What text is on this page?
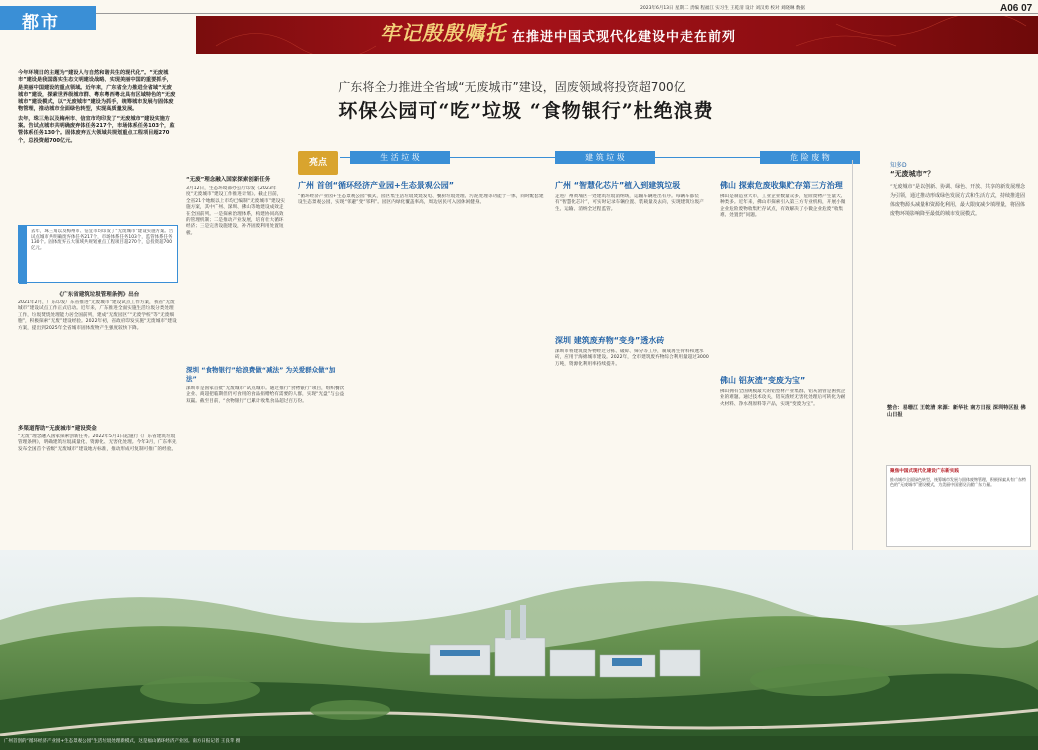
都市
2023年6月13日 星期二 责编 程福江 实习生 王乾清 设计 刘汉勇 校对 刘晓琳 数据	A06 07
牢记殷殷嘱托 在推进中国式现代化建设中走在前列
今年环境日的主题为“建设人与自然和谐共生的现代化”。“无废城市”建设是我国落实生态文明建设战略、实现美丽中国的重要抓手，是美丽中国建设的重点领域。近年来，广东省全力推进全省域“无废城市”建设，探索世界级城市群、粤东粤西粤北具有区域特色的“无废城市”建设模式，以“无废城市”建设为抓手，统筹城市发展与固体废物管理，推动城市全面绿色转型，实现高质量发展。
去年，珠三角以及梅州市、信宜市均印发了“无废城市”建设实施方案。告试点城市共明确废弃体任务217个，市场体系任务103个，监管体系任务130个。固体废弃五大领域共规划重点工程项目超270个，总投资超700亿元。
广东将全力推进全省域“无废城市”建设，固废领域将投资超700亿
环保公园可“吃”垃圾 “食物银行”杜绝浪费
去年，珠三角以及梅州市、信宜市均印发了“无废城市”建设实施方案。告试点城市共明确废弃体任务217个，市场体系任务103个，监管体系任务130个。固体废弃五大领域共规划重点工程项目超270个，总投资超700亿元。
亮点
生 活 垃 圾	建 筑 垃 圾	危 险 废 物
《广东省建筑垃圾管理条例》出台
2021年2月，广东印发广东省推进“无废城市”建设试点工作方案，我省“无废城市”建设试点工作正式启动。近年来，广东推进全面实施生活垃圾分类处理工作，垃圾焚烧处理能力居全国前列，建成“无废园区”“无废学校”等“无废细胞”，积极探索“无废”建设经验。2022年初，省政府印发实施“无废城市”建设方案，提出到2025年全省城市固体废物产生强度较快下降。
多渠道帮助“无废城市”建设资金
“无废”理念融入国家探索创新任务。2022年5月1日起施行《广东省建筑垃圾管理条例》，明确建筑垃圾减量化、资源化、无害化处理。今年3月，广东率先发布全国首个省级“无废城市”建设地方标准，推动形成可复制可推广的经验。
“无废”理念融入国家探索创新任务
3月12日，生态环境部办公厅印发《2023年度“无废城市”建设工作推进计划》。截止目前，全省21个地级以上市均已编制“无废城市”建设实施方案，其中广州、深圳、佛山等地建设成效走在全国前列。一是探索治理体系，构建协同高效的管理机制；二是推动产业发展，培育壮大循环经济；三是完善设施建设，补齐固废利用处置短板。
深圳 “食物银行”给浪费做“减法” 为关爱群众做“加法”
深圳市是国家首批“无废城市”试点城市。通过推行“食物银行”项目，组织餐饮企业、商超把临期但仍可食用的食品捐赠给有需要的人群，实现“光盘”与公益双赢。截至目前，“食物银行”已累计收集食品超过百万份。
广州 首创“循环经济产业园+生态景观公园”
“循环经济产业园+生态景观公园”模式，园区集生活垃圾焚烧发电、餐厨垃圾处理、污泥处理等功能于一体，同时配套建设生态景观公园，实现“邻避”变“邻利”。园区内绿化覆盖率高，周边居民可入园休闲健身。
广州 “智慧化芯片”植入到建筑垃圾
走进广州黄埔区一处建筑垃圾消纳场，运输车辆进出有序。每辆车都装有“智慧化芯片”，可实时记录车辆位置、装载量及去向，实现建筑垃圾产生、运输、消纳全过程监管。
深圳 建筑废弃物“变身”透水砖
深圳市将建筑废弃物经过分拣、破碎、筛分等工序，制成再生骨料和透水砖，应用于海绵城市建设。2022年，全市建筑废弃物综合利用量超过3000万吨，资源化利用率持续提升。
佛山 探索危废收集贮存第三方治理
佛山是制造业大市，工业企业数量众多，危险废物产生量大、种类多。近年来，佛山市探索引入第三方专业机构，开展小微企业危险废物收集贮存试点，有效解决了小微企业危废“收集难、处置贵”问题。
佛山 铝灰渣“变废为宝”
佛山拥有全国规模最大的铝型材产业集群，铝灰渣曾是困扰企业的难题。通过技术攻关，铝灰渣经无害化处理后可转化为耐火材料、净水剂原料等产品，实现“变废为宝”。
知多D
“无废城市”？
“无废城市”是以创新、协调、绿色、开放、共享的新发展理念为引领，通过推动形成绿色发展方式和生活方式，持续推进固体废物源头减量和资源化利用，最大限度减少填埋量，将固体废物环境影响降至最低的城市发展模式。
整合：易珊江 王乾清 来源：新华社 南方日报 深圳特区报 佛山日报
聚焦中国式现代化建设广东新实践
推动城市全面绿色转型，统筹城市发展与固体废物管理，积极探索具有广东特色的“无废城市”建设模式，为美丽中国建设贡献广东力量。
广州首创的“循环经济产业园+生态景观公园”生活垃圾处理新模式，这是福山循环经济产业园。南方日报记者 王良苹 摄
